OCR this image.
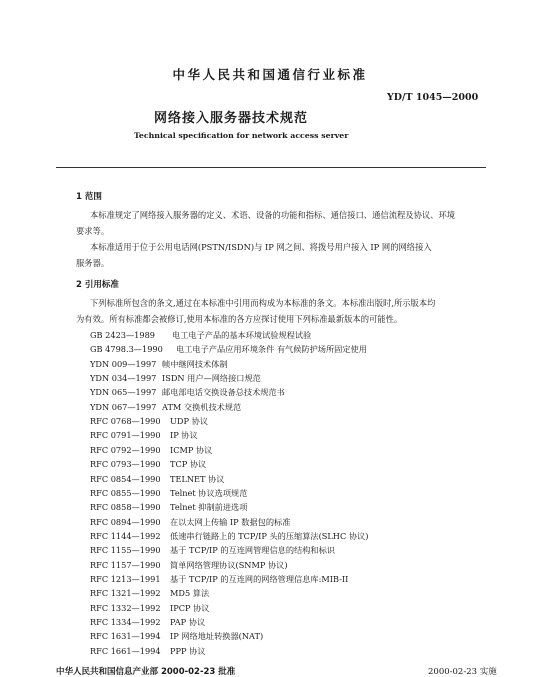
中华人民共和国通信行业标准
YD/T 1045—2000
网络接入服务器技术规范
Technical specification for network access server
1 范围
本标准规定了网络接入服务器的定义、术语、设备的功能和指标、通信接口、通信流程及协议、环境
要求等。
本标准适用于位于公用电话网(PSTN/ISDN)与 IP 网之间、将拨号用户接入 IP 网的网络接入
服务器。
2 引用标准
下列标准所包含的条文,通过在本标准中引用而构成为本标准的条文。本标准出版时,所示版本均
为有效。所有标准都会被修订,使用本标准的各方应探讨使用下列标准最新版本的可能性。
GB 2423—1989 电工电子产品的基本环境试验规程试验
GB 4798.3—1990 电工电子产品应用环境条件 有气候防护场所固定使用
YDN 009—1997 帧中继网技术体制
YDN 034—1997 ISDN 用户—网络接口规范
YDN 065—1997 邮电部电话交换设备总技术规范书
YDN 067—1997 ATM 交换机技术规范
RFC 0768—1990 UDP 协议
RFC 0791—1990 IP 协议
RFC 0792—1990 ICMP 协议
RFC 0793—1990 TCP 协议
RFC 0854—1990 TELNET 协议
RFC 0855—1990 Telnet 协议选项规范
RFC 0858—1990 Telnet 抑制前进选项
RFC 0894—1990 在以太网上传输 IP 数据包的标准
RFC 1144—1992 低速串行链路上的 TCP/IP 头的压缩算法(SLHC 协议)
RFC 1155—1990 基于 TCP/IP 的互连网管理信息的结构和标识
RFC 1157—1990 简单网络管理协议(SNMP 协议)
RFC 1213—1991 基于 TCP/IP 的互连网的网络管理信息库:MIB-II
RFC 1321—1992 MD5 算法
RFC 1332—1992 IPCP 协议
RFC 1334—1992 PAP 协议
RFC 1631—1994 IP 网络地址转换器(NAT)
RFC 1661—1994 PPP 协议
中华人民共和国信息产业部 2000-02-23 批准	2000-02-23 实施
